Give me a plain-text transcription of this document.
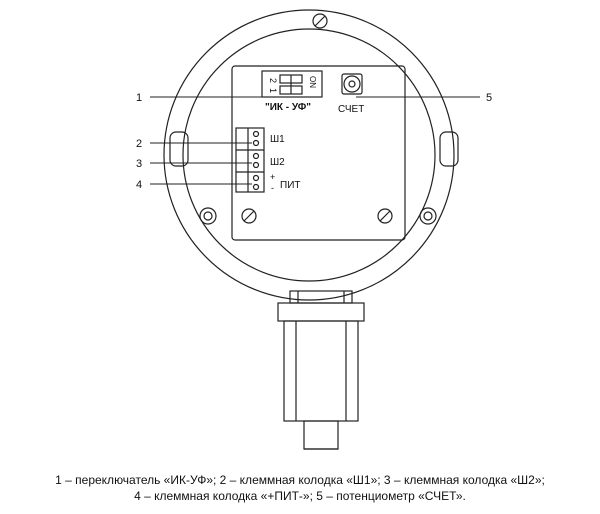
1
2
3
4
5
1
2	ON
"ИК - УФ"	СЧЕТ
Ш1
Ш2
+
- ПИТ
1 – переключатель «ИК-УФ»; 2 – клеммная колодка «Ш1»; 3 – клеммная колодка «Ш2»;
4 – клеммная колодка «+ПИТ-»; 5 – потенциометр «СЧЕТ».
